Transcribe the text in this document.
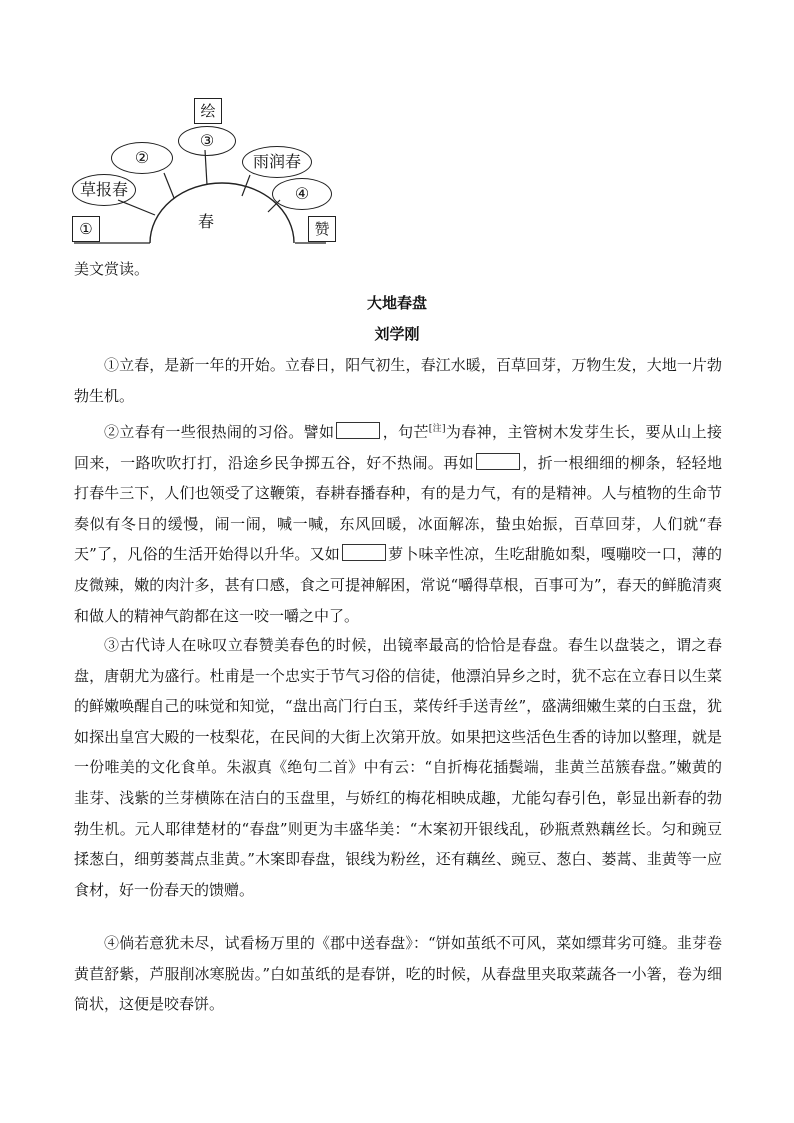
绘
③
②
草报春
雨润春
④
①	赞
春
美文赏读。
大地春盘
刘学刚
①立春，是新一年的开始。立春日，阳气初生，春江水暖，百草回芽，万物生发，大地一片勃勃生机。
②立春有一些很热闹的习俗。譬如	，句芒[注]为春神，主管树木发芽生长，要从山上接回来，一路吹吹打打，沿途乡民争掷五谷，好不热闹。再如	，折一根细细的柳条，轻轻地打春牛三下，人们也领受了这鞭策，春耕春播春种，有的是力气，有的是精神。人与植物的生命节奏似有冬日的缓慢，闹一闹，喊一喊，东风回暖，冰面解冻，蛰虫始振，百草回芽，人们就“春天”了，凡俗的生活开始得以升华。又如	萝卜味辛性凉，生吃甜脆如梨，嘎嘣咬一口，薄的皮微辣，嫩的肉汁多，甚有口感，食之可提神解困，常说“嚼得草根，百事可为”，春天的鲜脆清爽和做人的精神气韵都在这一咬一嚼之中了。
③古代诗人在咏叹立春赞美春色的时候，出镜率最高的恰恰是春盘。春生以盘装之，谓之春盘，唐朝尤为盛行。杜甫是一个忠实于节气习俗的信徒，他漂泊异乡之时，犹不忘在立春日以生菜的鲜嫩唤醒自己的味觉和知觉，“盘出高门行白玉，菜传纤手送青丝”，盛满细嫩生菜的白玉盘，犹如探出皇宫大殿的一枝梨花，在民间的大街上次第开放。如果把这些活色生香的诗加以整理，就是一份唯美的文化食单。朱淑真《绝句二首》中有云：“自折梅花插鬓端，韭黄兰茁簇春盘。”嫩黄的韭芽、浅紫的兰芽横陈在洁白的玉盘里，与娇红的梅花相映成趣，尤能勾春引色，彰显出新春的勃勃生机。元人耶律楚材的“春盘”则更为丰盛华美：“木案初开银线乱，砂瓶煮熟藕丝长。匀和豌豆揉葱白，细剪蒌蒿点韭黄。”木案即春盘，银线为粉丝，还有藕丝、豌豆、葱白、蒌蒿、韭黄等一应食材，好一份春天的馈赠。
④倘若意犹未尽，试看杨万里的《郡中送春盘》：“饼如茧纸不可风，菜如缥茸劣可缝。韭芽卷黄苣舒紫，芦服削冰寒脱齿。”白如茧纸的是春饼，吃的时候，从春盘里夹取菜蔬各一小箸，卷为细筒状，这便是咬春饼。
